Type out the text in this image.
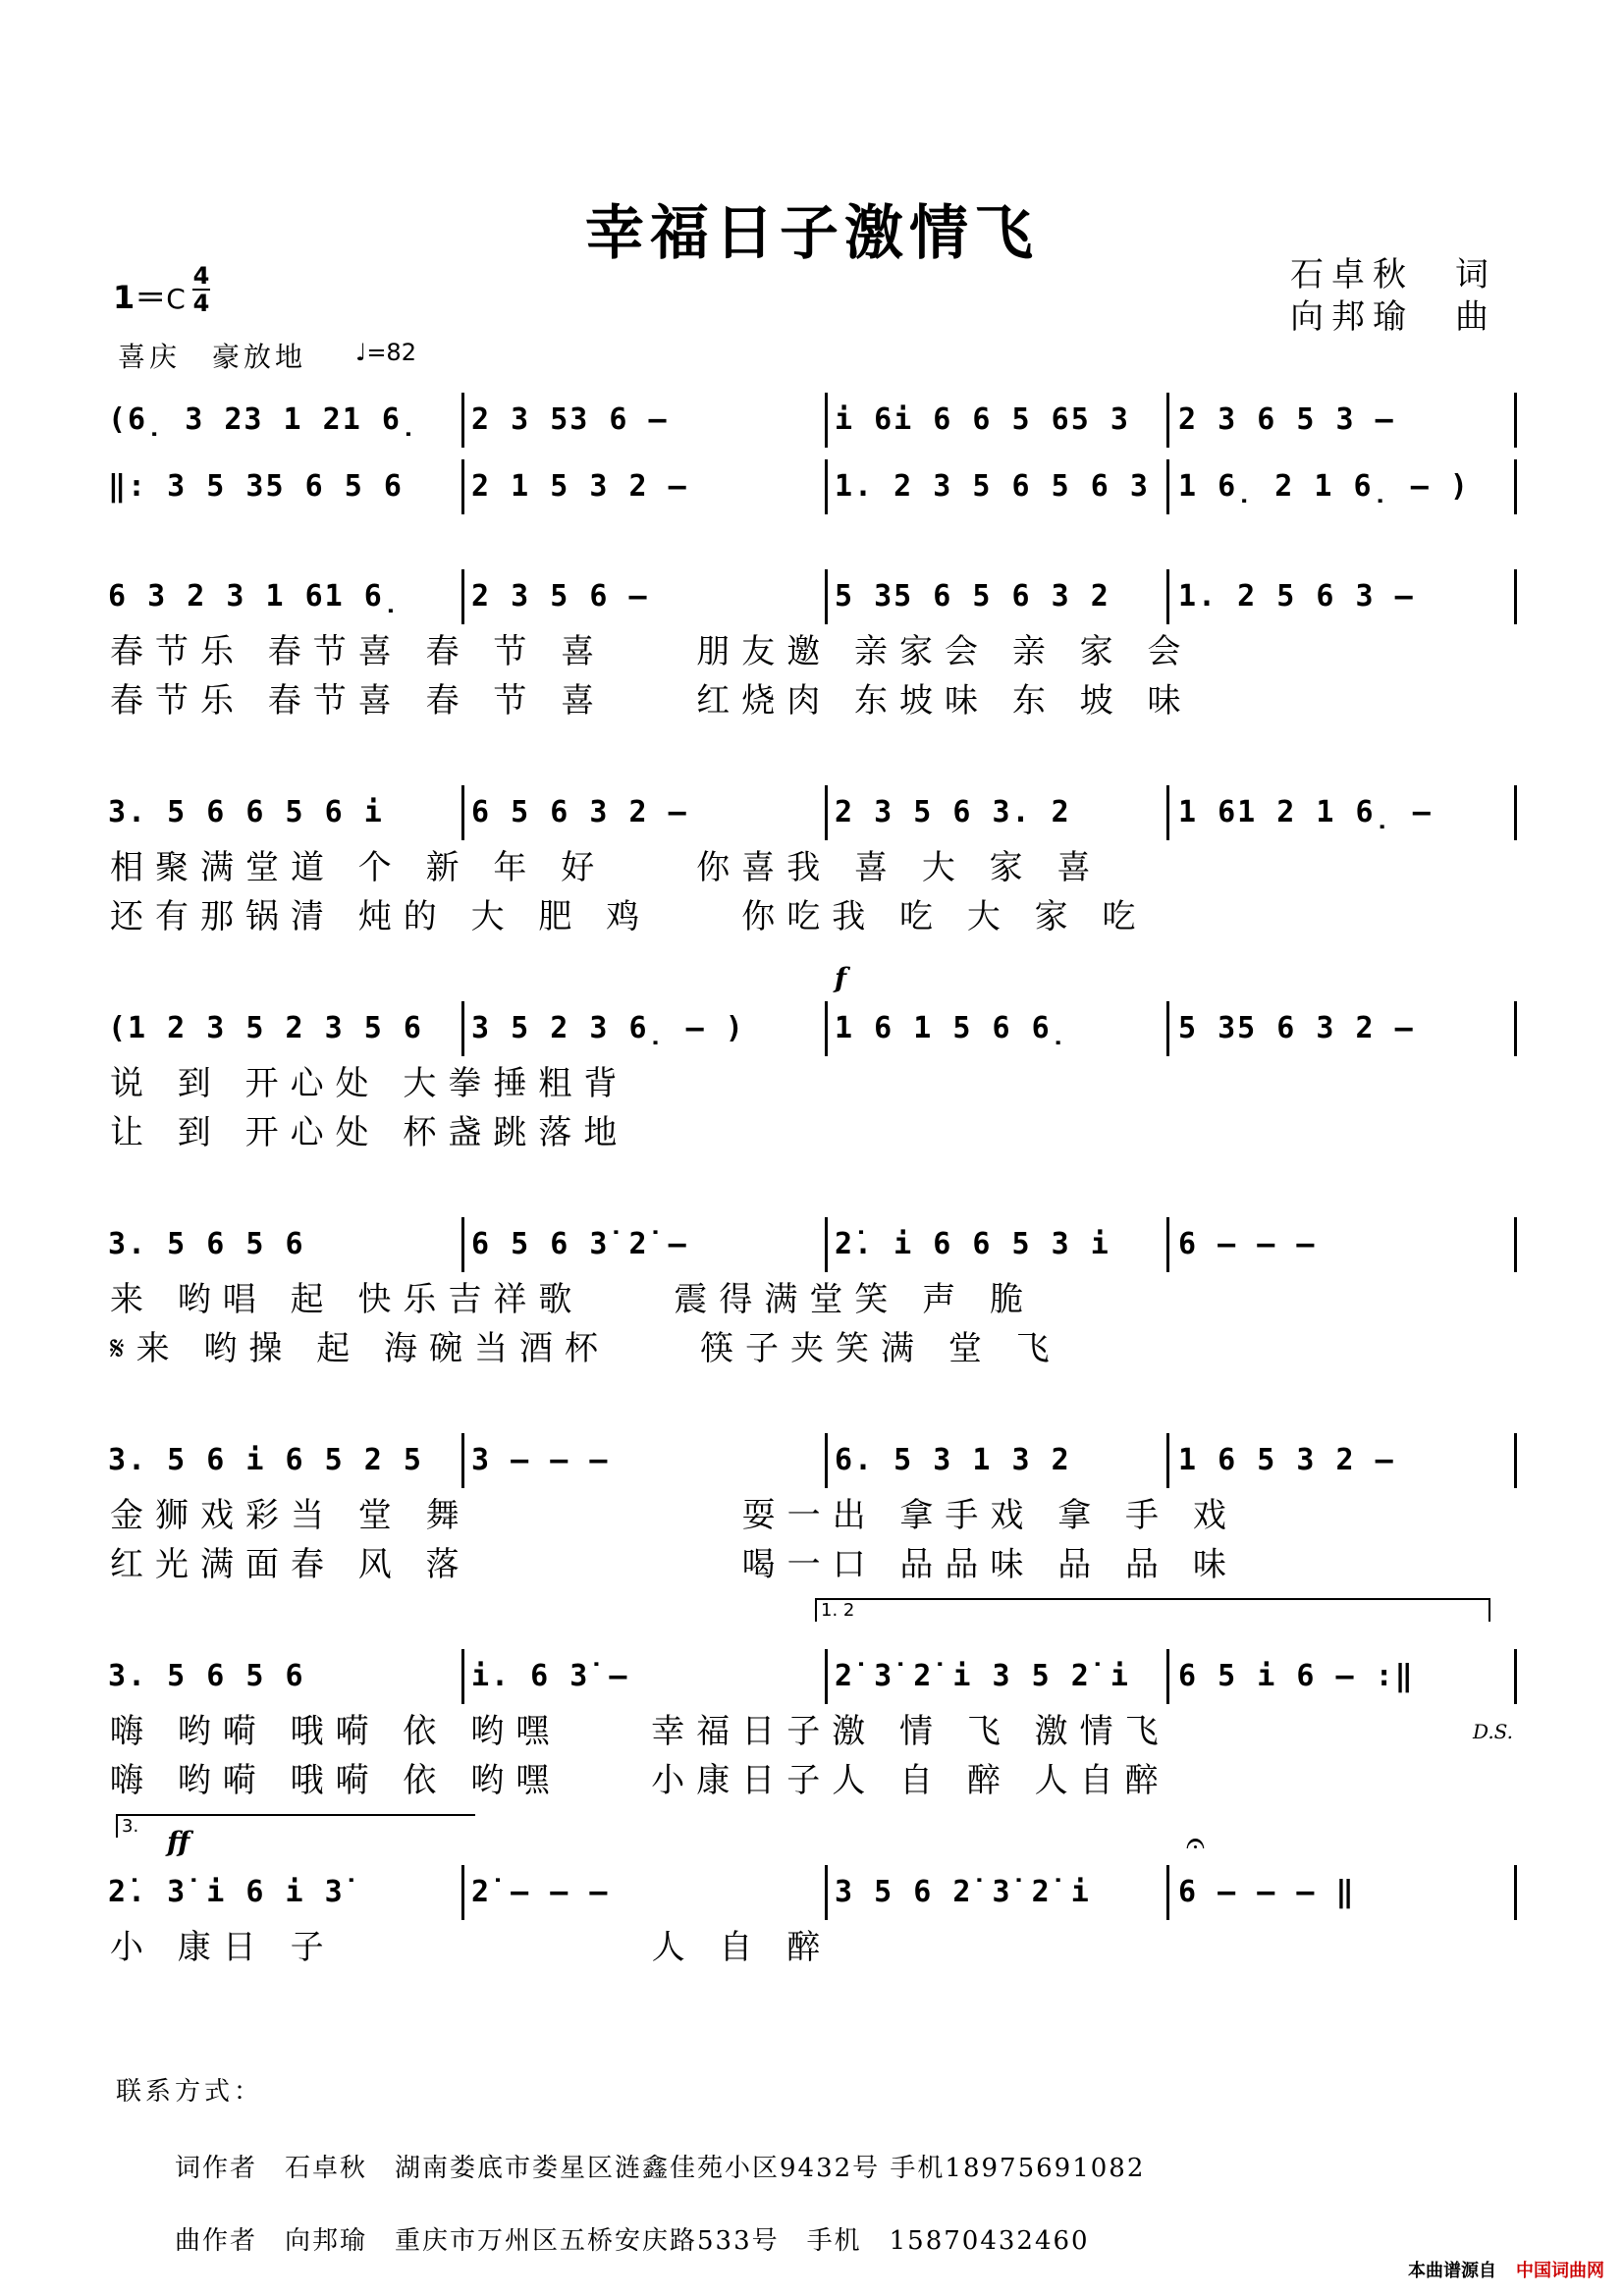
幸福日子激情飞
石卓秋　词
向邦瑜　曲
1＝C
4
4
喜庆　豪放地 ♩=82
(6̣ 3 23 1 21 6̣ 2 3 53 6 –	i 6i 6 6 5 65 3 2 3 6 5 3 –
‖: 3 5 35 6 5 6 2 1 5 3 2 –	1. 2 3 5 6 5 6 3 1 6̣ 2 1 6̣ – )
6 3 2 3 1 61 6̣ 2 3 5 6 –	5 35 6 5 6 3 2 1. 2 5 6 3 –
春节乐 春节喜 春 节 喜　　朋友邀 亲家会 亲 家 会
春节乐 春节喜 春 节 喜　　红烧肉 东坡味 东 坡 味
3. 5 6 6 5 6 i	6 5 6 3 2 –	2 3 5 6 3. 2	1 61 2 1 6̣ –
相聚满堂道 个 新 年 好　　你喜我 喜 大 家 喜
还有那锅清 炖的 大 肥 鸡　　你吃我 吃 大 家 吃
(1 2 3 5 2 3 5 6 3 5 2 3 6̣ – )	1 6 1 5 6 6̣	5 35 6 3 2 –
说 到 开心处 大拳捶粗背
让 到 开心处 杯盏跳落地
f
3. 5 6 5 6	6 5 6 3̇ 2̇ –	2̇. i 6 6 5 3 i 6 – – –
来 哟唱 起 快乐吉祥歌　　震得满堂笑 声 脆
𝄋来 哟操 起 海碗当酒杯　　筷子夹笑满 堂 飞
3. 5 6 i 6 5 2 5 3 – – –	6. 5 3 1 3 2	1 6 5 3 2 –
金狮戏彩当 堂 舞　　　　　　耍一出 拿手戏 拿 手 戏
红光满面春 风 落　　　　　　喝一口 品品味 品 品 味
3. 5 6 5 6	i. 6 3̇ –	2̇ 3̇ 2̇ i 3 5 2̇ i 6 5 i 6 – :‖
嗨 哟嗬 哦嗬 依 哟嘿　　幸福日子激 情 飞 激情飞
嗨 哟嗬 哦嗬 依 哟嘿　　小康日子人 自 醉 人自醉
1. 2
D.S.
2̇. 3̇ i 6 i 3̇	2̇ – – –	3 5 6 2̇ 3̇ 2̇ i	6 – – – ‖
小 康日 子　　　　　　　人 自 醉
ff
3.	𝄐
联系方式：
词作者　石卓秋　湖南娄底市娄星区涟鑫佳苑小区9432号 手机18975691082
曲作者　向邦瑜　重庆市万州区五桥安庆路533号　手机　15870432460
本曲谱源自 中国词曲网
